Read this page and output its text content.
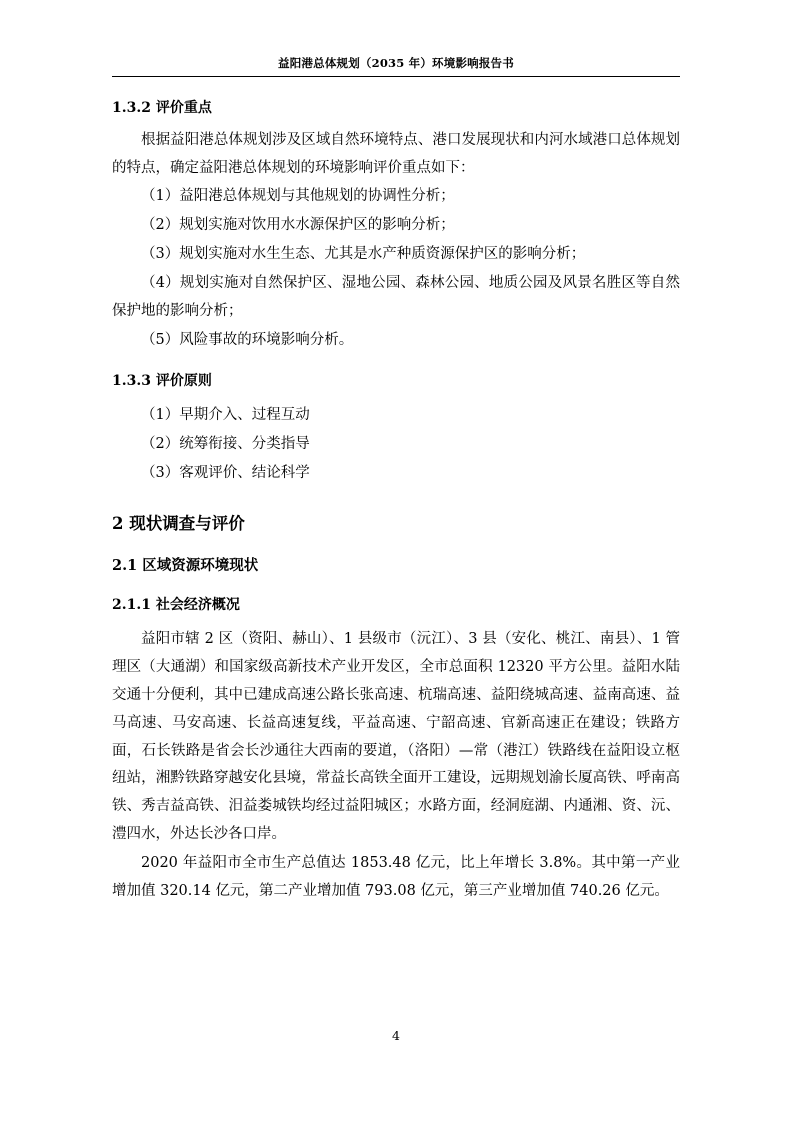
益阳港总体规划（2035 年）环境影响报告书
1.3.2 评价重点

根据益阳港总体规划涉及区域自然环境特点、港口发展现状和内河水域港口总体规划的特点，确定益阳港总体规划的环境影响评价重点如下：

（1）益阳港总体规划与其他规划的协调性分析；

（2）规划实施对饮用水水源保护区的影响分析；

（3）规划实施对水生生态、尤其是水产种质资源保护区的影响分析；

（4）规划实施对自然保护区、湿地公园、森林公园、地质公园及风景名胜区等自然保护地的影响分析；

（5）风险事故的环境影响分析。

1.3.3 评价原则

（1）早期介入、过程互动

（2）统筹衔接、分类指导

（3）客观评价、结论科学

2 现状调查与评价
2.1 区域资源环境现状
2.1.1 社会经济概况

益阳市辖 2 区（资阳、赫山）、1 县级市（沅江）、3 县（安化、桃江、南县）、1 管理区（大通湖）和国家级高新技术产业开发区，全市总面积 12320 平方公里。益阳水陆交通十分便利，其中已建成高速公路长张高速、杭瑞高速、益阳绕城高速、益南高速、益马高速、马安高速、长益高速复线，平益高速、宁韶高速、官新高速正在建设；铁路方面，石长铁路是省会长沙通往大西南的要道，（洛阳）—常（港江）铁路线在益阳设立枢纽站，湘黔铁路穿越安化县境，常益长高铁全面开工建设，远期规划渝长厦高铁、呼南高铁、秀吉益高铁、汨益娄城铁均经过益阳城区；水路方面，经洞庭湖、内通湘、资、沅、澧四水，外达长沙各口岸。

2020 年益阳市全市生产总值达 1853.48 亿元，比上年增长 3.8%。其中第一产业增加值 320.14 亿元，第二产业增加值 793.08 亿元，第三产业增加值 740.26 亿元。

4
